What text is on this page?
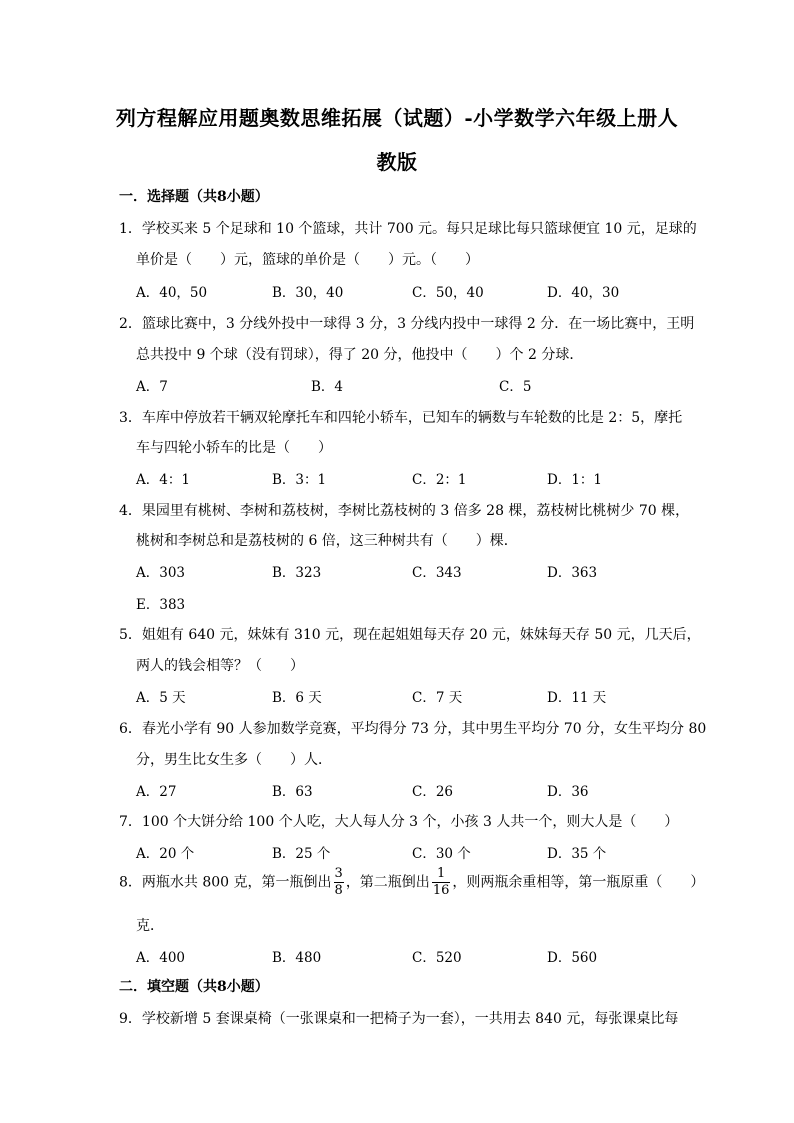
列方程解应用题奥数思维拓展（试题）-小学数学六年级上册人
教版
一．选择题（共8小题）
1．学校买来 5 个足球和 10 个篮球，共计 700 元。每只足球比每只篮球便宜 10 元，足球的
单价是（　　）元，篮球的单价是（　　）元。（　　）
A．40，50	B．30，40	C．50，40	D．40，30
2．篮球比赛中，3 分线外投中一球得 3 分，3 分线内投中一球得 2 分．在一场比赛中，王明
总共投中 9 个球（没有罚球），得了 20 分，他投中（　　）个 2 分球．
A．7	B．4	C．5
3．车库中停放若干辆双轮摩托车和四轮小轿车，已知车的辆数与车轮数的比是 2：5，摩托
车与四轮小轿车的比是（　　）
A．4：1	B．3：1	C．2：1	D．1：1
4．果园里有桃树、李树和荔枝树，李树比荔枝树的 3 倍多 28 棵，荔枝树比桃树少 70 棵，
桃树和李树总和是荔枝树的 6 倍，这三种树共有（　　）棵．
A．303	B．323	C．343	D．363
E．383
5．姐姐有 640 元，妹妹有 310 元，现在起姐姐每天存 20 元，妹妹每天存 50 元，几天后，
两人的钱会相等？（　　）
A．5 天	B．6 天	C．7 天	D．11 天
6．春光小学有 90 人参加数学竞赛，平均得分 73 分，其中男生平均分 70 分，女生平均分 80
分，男生比女生多（　　）人．
A．27	B．63	C．26	D．36
7．100 个大饼分给 100 个人吃，大人每人分 3 个，小孩 3 人共一个，则大人是（　　）
A．20 个	B．25 个	C．30 个	D．35 个
8．两瓶水共 800 克，第一瓶倒出 $\frac{3}{8}$ ，第二瓶倒出 $\frac{1}{16}$ ，则两瓶余重相等，第一瓶原重（　　）
克．
A．400	B．480	C．520	D．560
二．填空题（共8小题）
9．学校新增 5 套课桌椅（一张课桌和一把椅子为一套），一共用去 840 元，每张课桌比每
